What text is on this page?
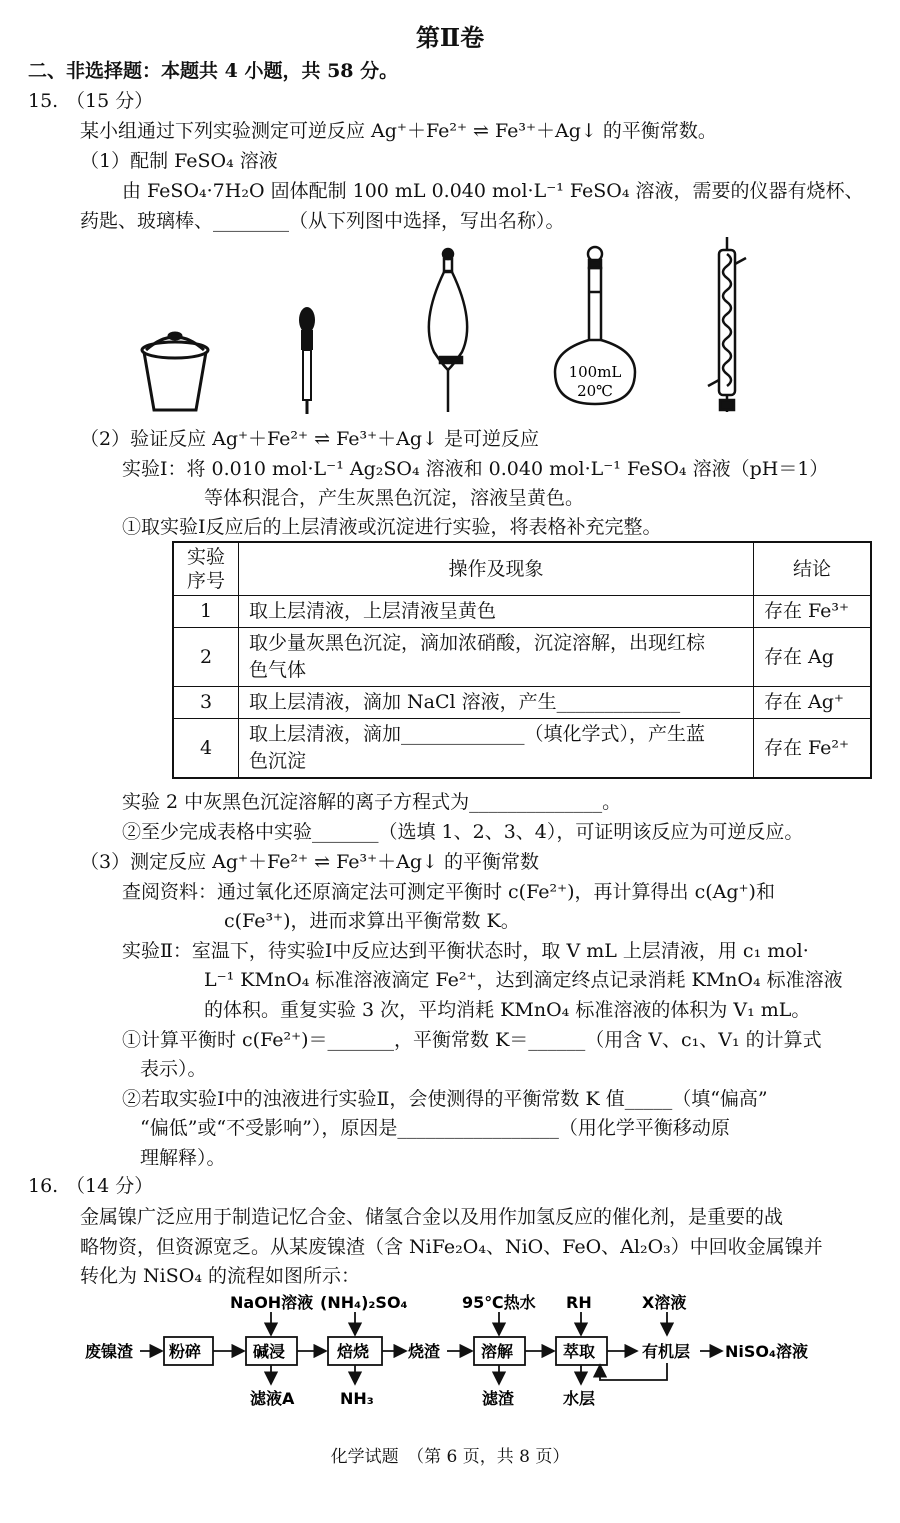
第Ⅱ卷
二、非选择题：本题共 4 小题，共 58 分。
15. （15 分）
某小组通过下列实验测定可逆反应 Ag⁺＋Fe²⁺ ⇌ Fe³⁺＋Ag↓ 的平衡常数。
（1）配制 FeSO₄ 溶液
由 FeSO₄·7H₂O 固体配制 100 mL 0.040 mol·L⁻¹ FeSO₄ 溶液，需要的仪器有烧杯、
药匙、玻璃棒、________（从下列图中选择，写出名称）。
100mL
20℃
（2）验证反应 Ag⁺＋Fe²⁺ ⇌ Fe³⁺＋Ag↓ 是可逆反应
实验Ⅰ：将 0.010 mol·L⁻¹ Ag₂SO₄ 溶液和 0.040 mol·L⁻¹ FeSO₄ 溶液（pH＝1）
等体积混合，产生灰黑色沉淀，溶液呈黄色。
①取实验Ⅰ反应后的上层清液或沉淀进行实验，将表格补充完整。
实验
序号	操作及现象	结论
1	取上层清液，上层清液呈黄色	存在 Fe³⁺
2	取少量灰黑色沉淀，滴加浓硝酸，沉淀溶解，出现红棕
色气体	存在 Ag
3	取上层清液，滴加 NaCl 溶液，产生_____________	存在 Ag⁺
4	取上层清液，滴加_____________（填化学式），产生蓝
色沉淀	存在 Fe²⁺
实验 2 中灰黑色沉淀溶解的离子方程式为______________。
②至少完成表格中实验_______（选填 1、2、3、4），可证明该反应为可逆反应。
（3）测定反应 Ag⁺＋Fe²⁺ ⇌ Fe³⁺＋Ag↓ 的平衡常数
查阅资料：通过氧化还原滴定法可测定平衡时 c(Fe²⁺)，再计算得出 c(Ag⁺)和
c(Fe³⁺)，进而求算出平衡常数 K。
实验Ⅱ：室温下，待实验Ⅰ中反应达到平衡状态时，取 V mL 上层清液，用 c₁ mol·
L⁻¹ KMnO₄ 标准溶液滴定 Fe²⁺，达到滴定终点记录消耗 KMnO₄ 标准溶液
的体积。重复实验 3 次，平均消耗 KMnO₄ 标准溶液的体积为 V₁ mL。
①计算平衡时 c(Fe²⁺)＝_______，平衡常数 K＝______（用含 V、c₁、V₁ 的计算式
表示）。
②若取实验Ⅰ中的浊液进行实验Ⅱ，会使测得的平衡常数 K 值_____（填“偏高”
“偏低”或“不受影响”），原因是_________________（用化学平衡移动原
理解释）。
16. （14 分）
金属镍广泛应用于制造记忆合金、储氢合金以及用作加氢反应的催化剂，是重要的战
略物资，但资源宽乏。从某废镍渣（含 NiFe₂O₄、NiO、FeO、Al₂O₃）中回收金属镍并
转化为 NiSO₄ 的流程如图所示：
废镍渣 粉碎	碱浸	焙烧 烧渣	溶解	萃取	有机层 NiSO₄溶液
NaOH溶液 (NH₄)₂SO₄	95℃热水 RH	X溶液
滤液A	NH₃	滤渣	水层
化学试题　（第 6 页，共 8 页）
